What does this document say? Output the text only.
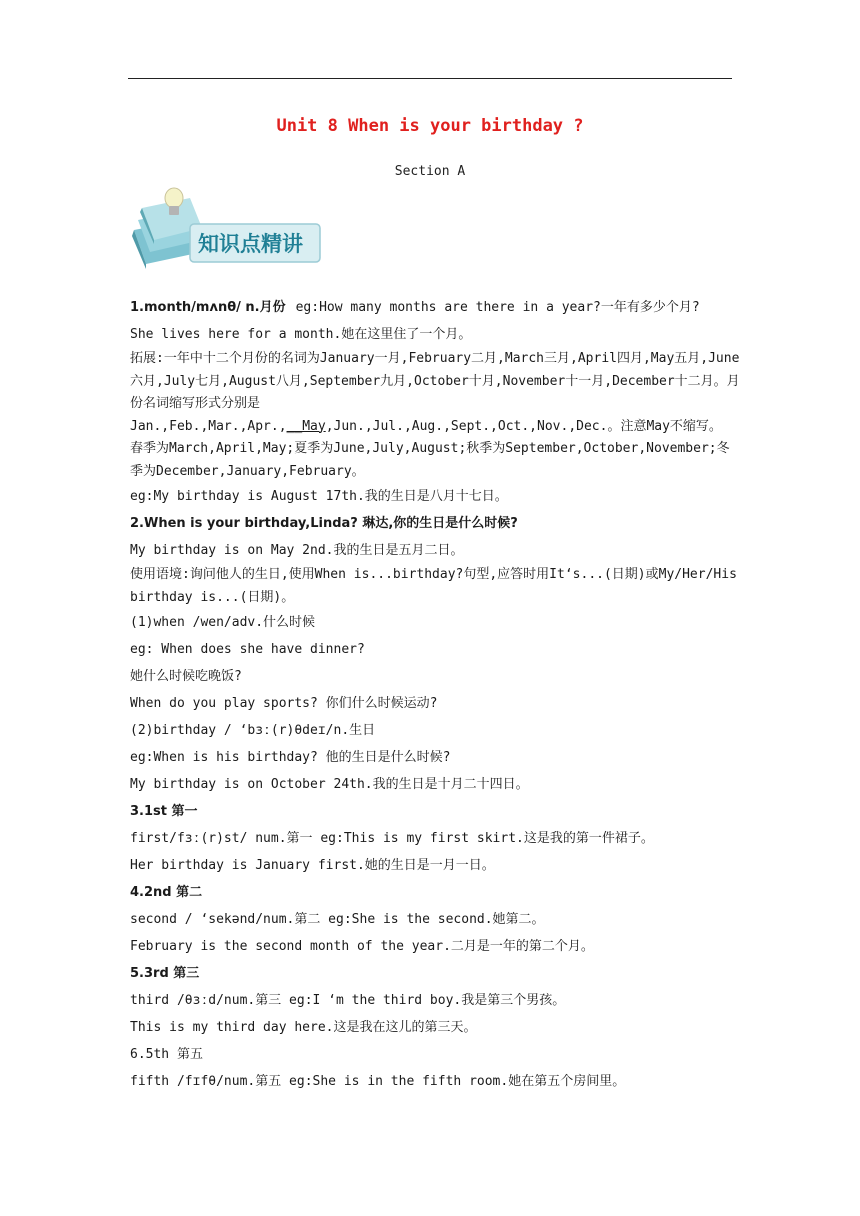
Unit 8 When is your birthday ?
Section A
知识点精讲

1.month/mʌnθ/ n.月份 eg:How many months are there in a year?一年有多少个月?

She lives here for a month.她在这里住了一个月。

拓展:一年中十二个月份的名词为January一月,February二月,March三月,April四月,May五月,June六月,July七月,August八月,September九月,October十月,November十一月,December十二月。月份名词缩写形式分别是

Jan.,Feb.,Mar.,Apr.,__May,Jun.,Jul.,Aug.,Sept.,Oct.,Nov.,Dec.。注意May不缩写。

春季为March,April,May;夏季为June,July,August;秋季为September,October,November;冬季为December,January,February。

eg:My birthday is August 17th.我的生日是八月十七日。

2.When is your birthday,Linda? 琳达,你的生日是什么时候?

My birthday is on May 2nd.我的生日是五月二日。

使用语境:询问他人的生日,使用When is...birthday?句型,应答时用It‘s...(日期)或My/Her/His birthday is...(日期)。

(1)when /wen/adv.什么时候

eg: When does she have dinner?

她什么时候吃晚饭?

When do you play sports? 你们什么时候运动?

(2)birthday / ‘bɜː(r)θdeɪ/n.生日

eg:When is his birthday? 他的生日是什么时候?

My birthday is on October 24th.我的生日是十月二十四日。

3.1st 第一

first/fɜː(r)st/ num.第一 eg:This is my first skirt.这是我的第一件裙子。

Her birthday is January first.她的生日是一月一日。

4.2nd 第二

second / ‘sekənd/num.第二 eg:She is the second.她第二。

February is the second month of the year.二月是一年的第二个月。

5.3rd 第三

third /θɜːd/num.第三 eg:I ‘m the third boy.我是第三个男孩。

This is my third day here.这是我在这儿的第三天。

6.5th 第五

fifth /fɪfθ/num.第五 eg:She is in the fifth room.她在第五个房间里。
